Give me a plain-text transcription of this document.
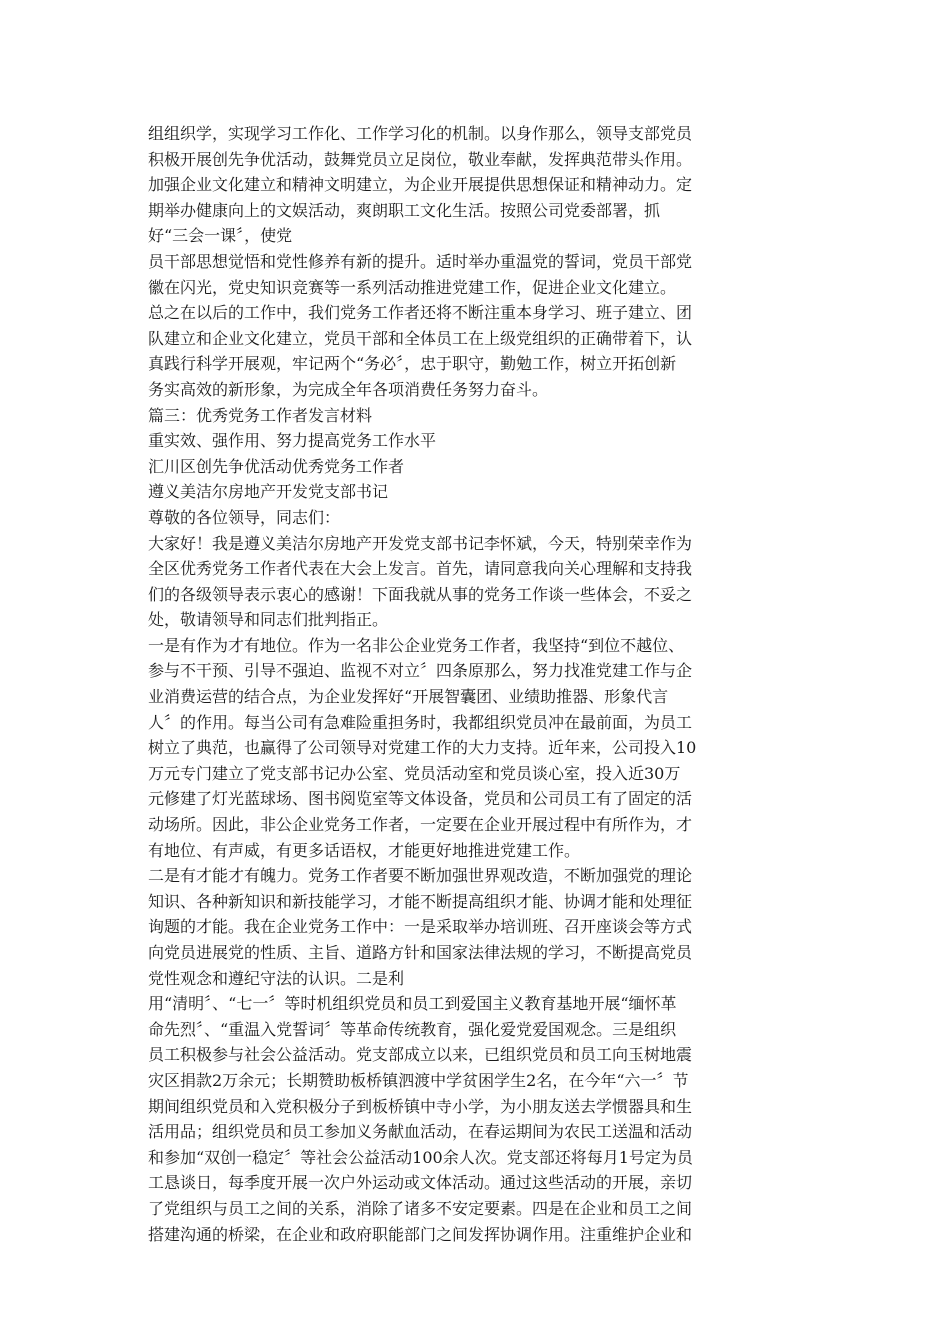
组组织学，实现学习工作化、工作学习化的机制。以身作那么，领导支部党员
积极开展创先争优活动，鼓舞党员立足岗位，敬业奉献，发挥典范带头作用。
加强企业文化建立和精神文明建立，为企业开展提供思想保证和精神动力。定
期举办健康向上的文娱活动，爽朗职工文化生活。按照公司党委部署，抓
好“三会一课〞，使党
员干部思想觉悟和党性修养有新的提升。适时举办重温党的誓词，党员干部党
徽在闪光，党史知识竞赛等一系列活动推进党建工作，促进企业文化建立。
总之在以后的工作中，我们党务工作者还将不断注重本身学习、班子建立、团
队建立和企业文化建立，党员干部和全体员工在上级党组织的正确带着下，认
真践行科学开展观，牢记两个“务必〞，忠于职守，勤勉工作，树立开拓创新
务实高效的新形象，为完成全年各项消费任务努力奋斗。
篇三：优秀党务工作者发言材料
重实效、强作用、努力提高党务工作水平
汇川区创先争优活动优秀党务工作者
遵义美洁尔房地产开发党支部书记
尊敬的各位领导，同志们：
大家好！我是遵义美洁尔房地产开发党支部书记李怀斌，今天，特别荣幸作为
全区优秀党务工作者代表在大会上发言。首先，请同意我向关心理解和支持我
们的各级领导表示衷心的感谢！下面我就从事的党务工作谈一些体会，不妥之
处，敬请领导和同志们批判指正。
一是有作为才有地位。作为一名非公企业党务工作者，我坚持“到位不越位、
参与不干预、引导不强迫、监视不对立〞四条原那么，努力找准党建工作与企
业消费运营的结合点，为企业发挥好“开展智囊团、业绩助推器、形象代言
人〞的作用。每当公司有急难险重担务时，我都组织党员冲在最前面，为员工
树立了典范，也赢得了公司领导对党建工作的大力支持。近年来，公司投入10
万元专门建立了党支部书记办公室、党员活动室和党员谈心室，投入近30万
元修建了灯光蓝球场、图书阅览室等文体设备，党员和公司员工有了固定的活
动场所。因此，非公企业党务工作者，一定要在企业开展过程中有所作为，才
有地位、有声威，有更多话语权，才能更好地推进党建工作。
二是有才能才有魄力。党务工作者要不断加强世界观改造，不断加强党的理论
知识、各种新知识和新技能学习，才能不断提高组织才能、协调才能和处理征
询题的才能。我在企业党务工作中：一是采取举办培训班、召开座谈会等方式
向党员进展党的性质、主旨、道路方针和国家法律法规的学习，不断提高党员
党性观念和遵纪守法的认识。二是利
用“清明〞、“七一〞等时机组织党员和员工到爱国主义教育基地开展“缅怀革
命先烈〞、“重温入党誓词〞等革命传统教育，强化爱党爱国观念。三是组织
员工积极参与社会公益活动。党支部成立以来，已组织党员和员工向玉树地震
灾区捐款2万余元；长期赞助板桥镇泗渡中学贫困学生2名，在今年“六一〞节
期间组织党员和入党积极分子到板桥镇中寺小学，为小朋友送去学惯器具和生
活用品；组织党员和员工参加义务献血活动，在春运期间为农民工送温和活动
和参加“双创一稳定〞等社会公益活动100余人次。党支部还将每月1号定为员
工恳谈日，每季度开展一次户外运动或文体活动。通过这些活动的开展，亲切
了党组织与员工之间的关系，消除了诸多不安定要素。四是在企业和员工之间
搭建沟通的桥梁，在企业和政府职能部门之间发挥协调作用。注重维护企业和
